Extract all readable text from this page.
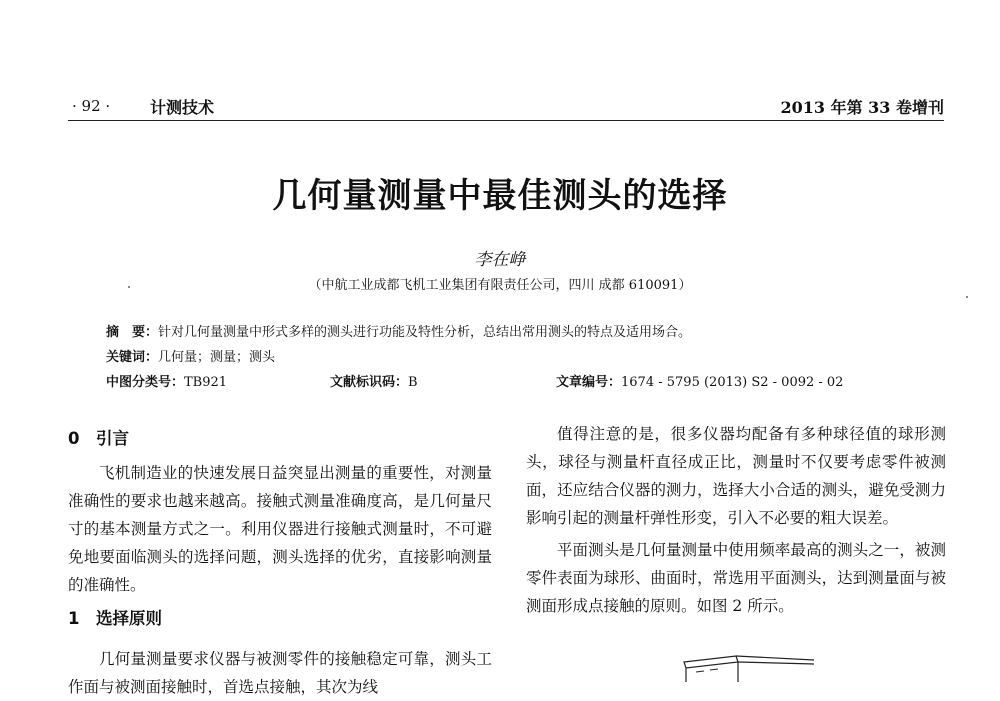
· 92 · 计测技术	2013 年第 33 卷增刊
几何量测量中最佳测头的选择
李在峥
（中航工业成都飞机工业集团有限责任公司，四川 成都 610091）
摘　要：针对几何量测量中形式多样的测头进行功能及特性分析，总结出常用测头的特点及适用场合。
关键词：几何量；测量；测头
中图分类号：TB921	文献标识码：B	文章编号：1674 - 5795 (2013) S2 - 0092 - 02
0　引言

飞机制造业的快速发展日益突显出测量的重要性，对测量准确性的要求也越来越高。接触式测量准确度高，是几何量尺寸的基本测量方式之一。利用仪器进行接触式测量时，不可避免地要面临测头的选择问题，测头选择的优劣，直接影响测量的准确性。

1　选择原则

几何量测量要求仪器与被测零件的接触稳定可靠，测头工作面与被测面接触时，首选点接触，其次为线

值得注意的是，很多仪器均配备有多种球径值的球形测头，球径与测量杆直径成正比，测量时不仅要考虑零件被测面，还应结合仪器的测力，选择大小合适的测头，避免受测力影响引起的测量杆弹性形变，引入不必要的粗大误差。

平面测头是几何量测量中使用频率最高的测头之一，被测零件表面为球形、曲面时，常选用平面测头，达到测量面与被测面形成点接触的原则。如图 2 所示。
